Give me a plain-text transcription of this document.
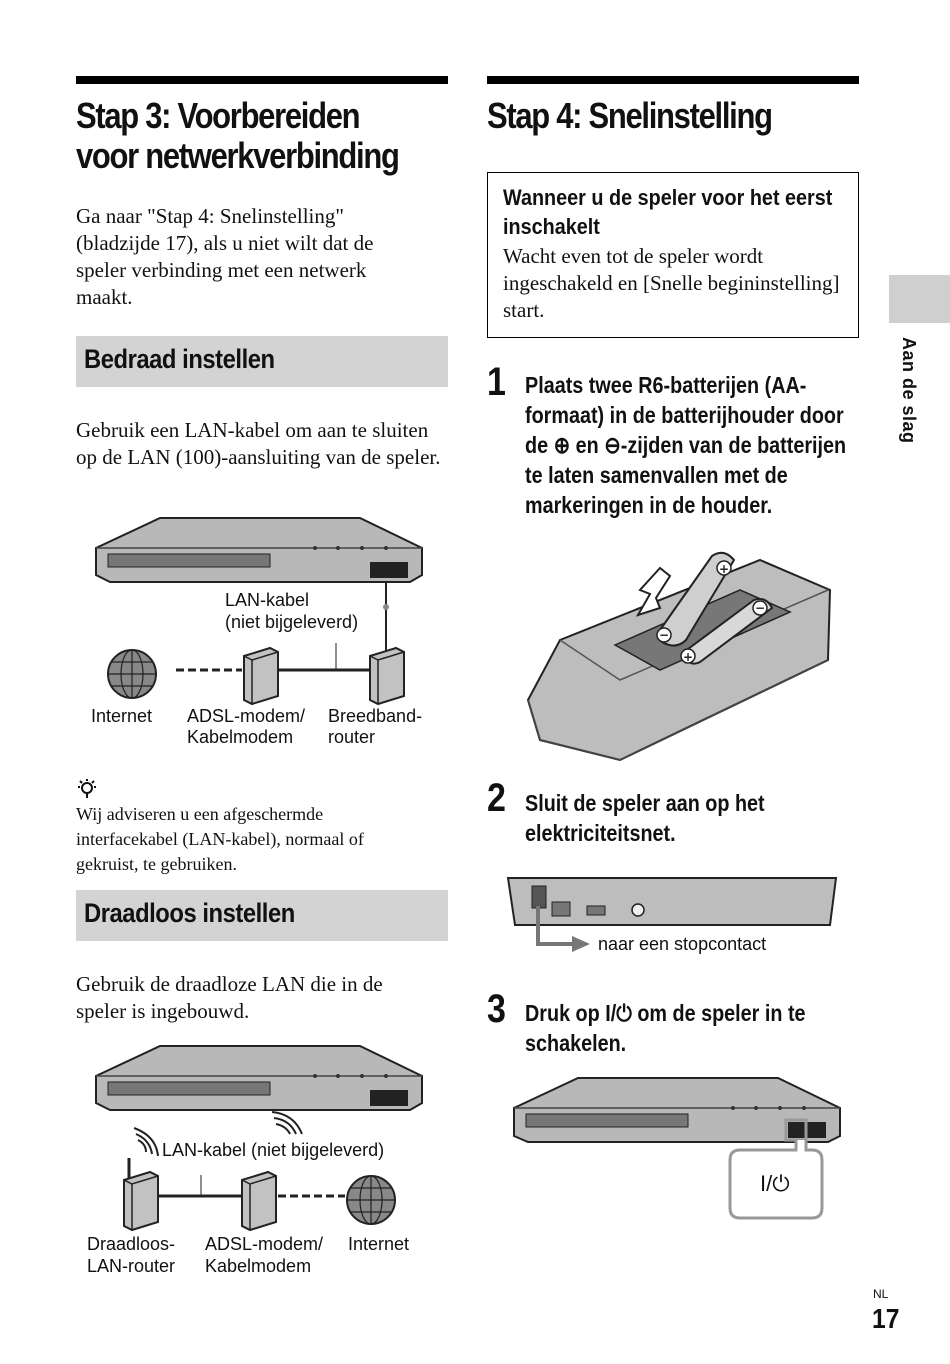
Stap 3: Voorbereiden
voor netwerkverbinding

Ga naar "Stap 4: Snelinstelling" (bladzijde 17), als u niet wilt dat de speler verbinding met een netwerk maakt.

Bedraad instellen

Gebruik een LAN-kabel om aan te sluiten op de LAN (100)-aansluiting van de speler.

LAN-kabel
(niet bijgeleverd)
Internet ADSL-modem/
Kabelmodem
Breedband-
router

Wij adviseren u een afgeschermde interfacekabel (LAN-kabel), normaal of gekruist, te gebruiken.

Draadloos instellen

Gebruik de draadloze LAN die in de speler is ingebouwd.

LAN-kabel (niet bijgeleverd)
Draadloos-
LAN-router
ADSL-modem/
Kabelmodem
Internet
Stap 4: Snelinstelling
Wanneer u de speler voor het eerst inschakelt
Wacht even tot de speler wordt ingeschakeld en [Snelle begininstelling] start.
1 Plaats twee R6-batterijen (AA-formaat) in de batterijhouder door de ⊕ en ⊖-zijden van de batterijen te laten samenvallen met de markeringen in de houder.

+
−
+
−
2 Sluit de speler aan op het elektriciteitsnet.

naar een stopcontact
3 Druk op I/⏻ om de speler in te schakelen.

I/⏻
Aan de slag
NL
17
